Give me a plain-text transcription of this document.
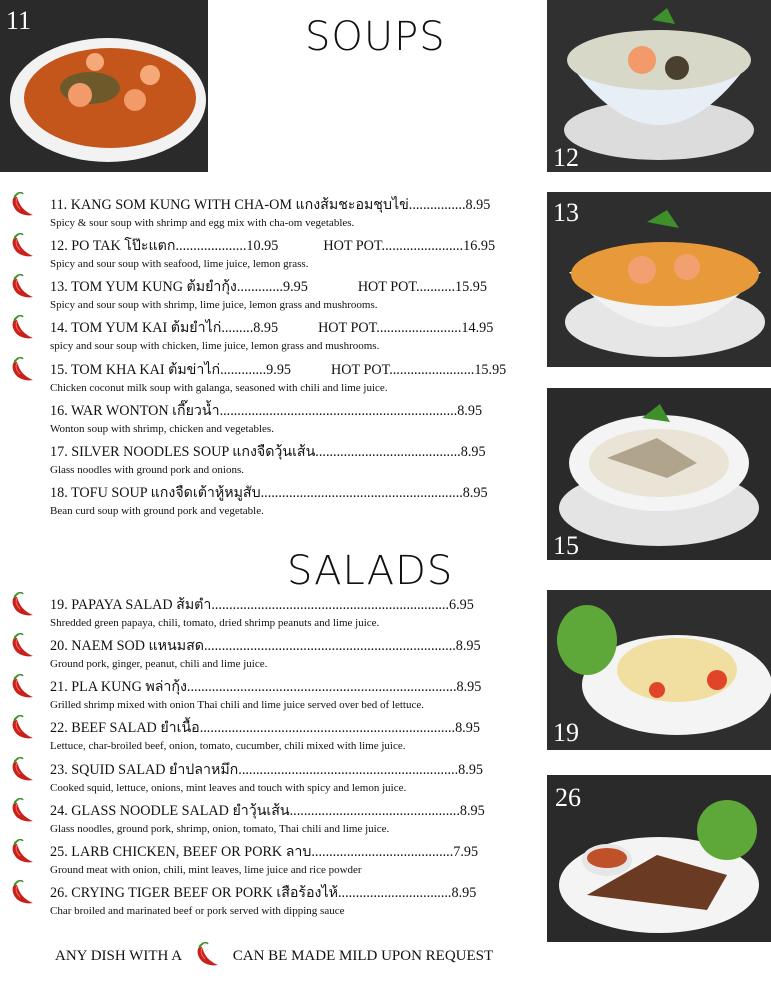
11
12
13
15
19
26
SOUPS
SALADS
11. KANG SOM KUNG WITH CHA-OM แกงส้มชะอมชุบไข่................8.95
Spicy & sour soup with shrimp and egg mix with cha-om vegetables.
12. PO TAK โป๊ะแตก....................10.95	HOT POT.......................16.95
Spicy and sour soup with seafood, lime juice, lemon grass.
13. TOM YUM KUNG ต้มยำกุ้ง.............9.95	HOT POT...........15.95
Spicy and sour soup with shrimp, lime juice, lemon grass and mushrooms.
14. TOM YUM KAI ต้มยำไก่.........8.95	HOT POT........................14.95
spicy and sour soup with chicken, lime juice, lemon grass and mushrooms.
15. TOM KHA KAI ต้มข่าไก่.............9.95	HOT POT........................15.95
Chicken coconut milk soup with galanga, seasoned with chili and lime juice.
16. WAR WONTON เกี๊ยวน้ำ...................................................................8.95
Wonton soup with shrimp, chicken and vegetables.
17. SILVER NOODLES SOUP แกงจืดวุ้นเส้น.........................................8.95
Glass noodles with ground pork and onions.
18. TOFU SOUP แกงจืดเต้าหู้หมูสับ.........................................................8.95
Bean curd soup with ground pork and vegetable.
19. PAPAYA SALAD ส้มตำ...................................................................6.95
Shredded green papaya, chili, tomato, dried shrimp peanuts and lime juice.
20. NAEM SOD แหนมสด.......................................................................8.95
Ground pork, ginger, peanut, chili and lime juice.
21. PLA KUNG พล่ากุ้ง............................................................................8.95
Grilled shrimp mixed with onion Thai chili and lime juice served over bed of lettuce.
22. BEEF SALAD ยำเนื้อ........................................................................8.95
Lettuce, char-broiled beef, onion, tomato, cucumber, chili mixed with lime juice.
23. SQUID SALAD ยำปลาหมึก..............................................................8.95
Cooked squid, lettuce, onions, mint leaves and touch with spicy and lemon juice.
24. GLASS NOODLE SALAD ยำวุ้นเส้น................................................8.95
Glass noodles, ground pork, shrimp, onion, tomato, Thai chili and lime juice.
25. LARB CHICKEN, BEEF OR PORK ลาบ........................................7.95
Ground meat with onion, chili, mint leaves, lime juice and rice powder
26. CRYING TIGER BEEF OR PORK เสือร้องไห้................................8.95
Char broiled and marinated beef or pork served with dipping sauce
ANY DISH WITH A	CAN BE MADE MILD UPON REQUEST
